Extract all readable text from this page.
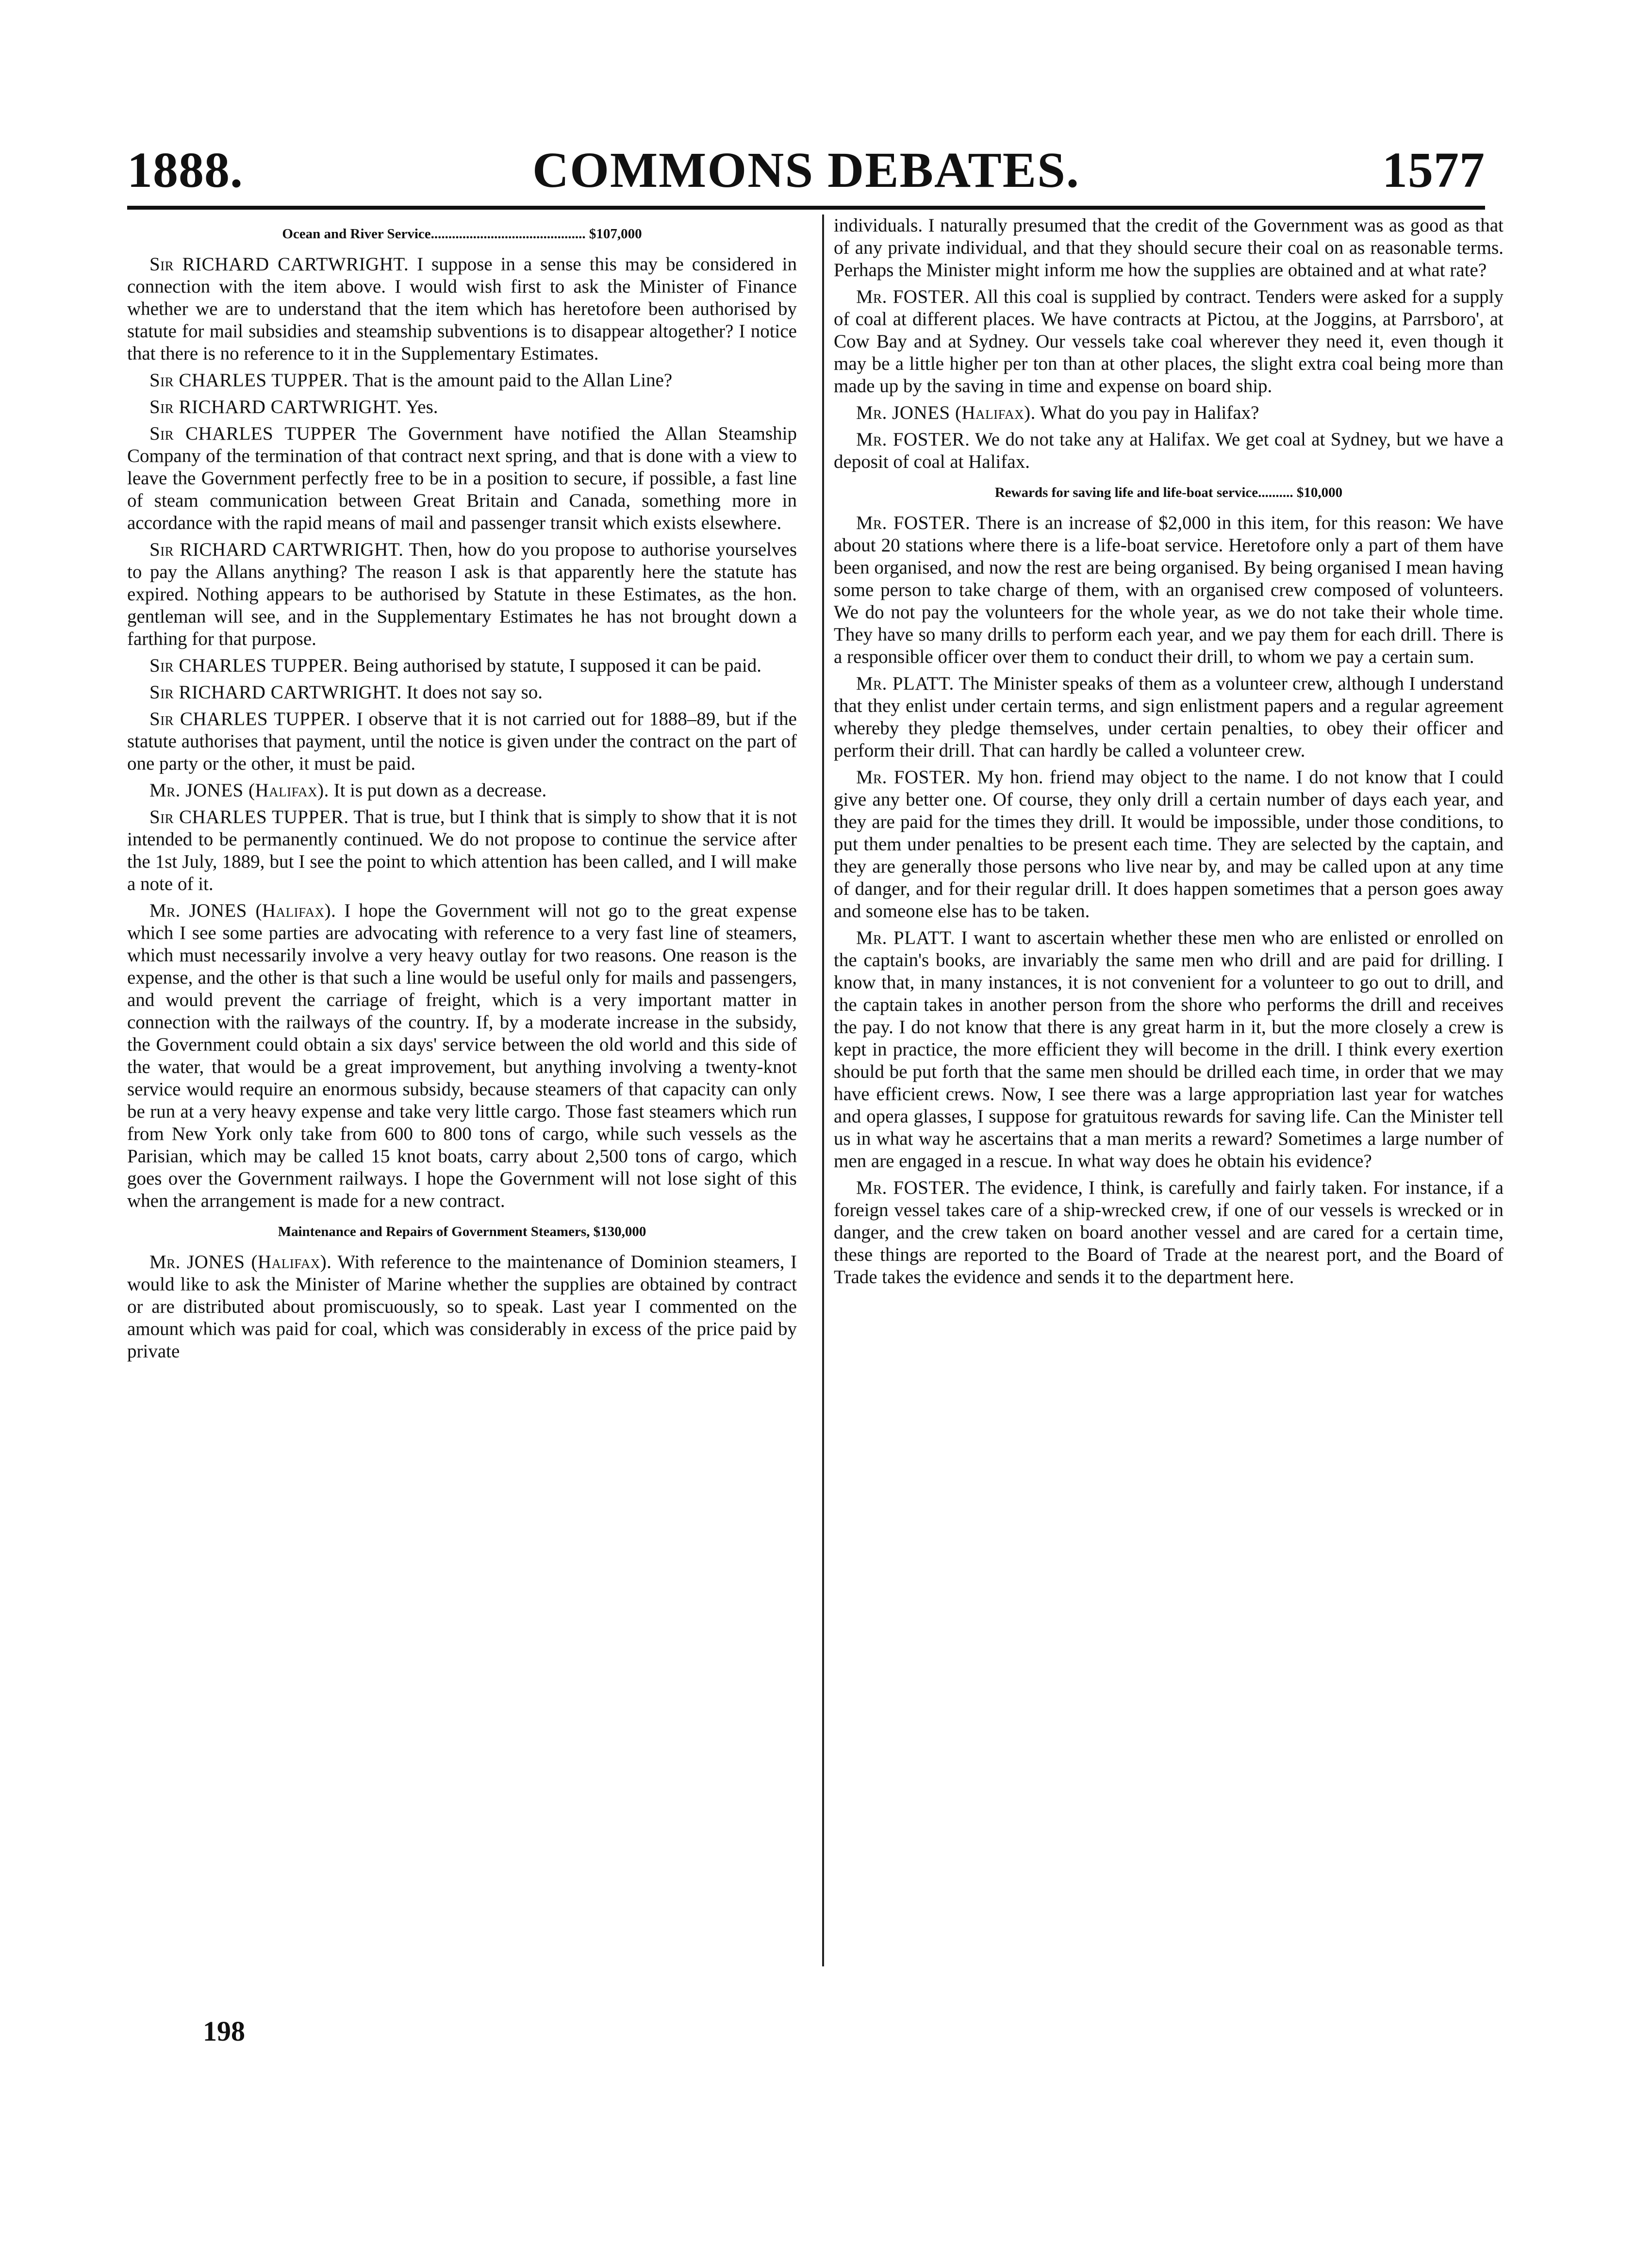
1888.	COMMONS DEBATES.	1577
Ocean and River Service............................................ $107,000
Sir RICHARD CARTWRIGHT. I suppose in a sense this may be considered in connection with the item above. I would wish first to ask the Minister of Finance whether we are to understand that the item which has heretofore been authorised by statute for mail subsidies and steamship subventions is to disappear altogether? I notice that there is no reference to it in the Supplementary Estimates.
Sir CHARLES TUPPER. That is the amount paid to the Allan Line?
Sir RICHARD CARTWRIGHT. Yes.
Sir CHARLES TUPPER The Government have notified the Allan Steamship Company of the termination of that contract next spring, and that is done with a view to leave the Government perfectly free to be in a position to secure, if possible, a fast line of steam communication between Great Britain and Canada, something more in accordance with the rapid means of mail and passenger transit which exists elsewhere.
Sir RICHARD CARTWRIGHT. Then, how do you propose to authorise yourselves to pay the Allans anything? The reason I ask is that apparently here the statute has expired. Nothing appears to be authorised by Statute in these Estimates, as the hon. gentleman will see, and in the Supplementary Estimates he has not brought down a farthing for that purpose.
Sir CHARLES TUPPER. Being authorised by statute, I supposed it can be paid.
Sir RICHARD CARTWRIGHT. It does not say so.
Sir CHARLES TUPPER. I observe that it is not carried out for 1888–89, but if the statute authorises that payment, until the notice is given under the contract on the part of one party or the other, it must be paid.
Mr. JONES (Halifax). It is put down as a decrease.
Sir CHARLES TUPPER. That is true, but I think that is simply to show that it is not intended to be permanently continued. We do not propose to continue the service after the 1st July, 1889, but I see the point to which attention has been called, and I will make a note of it.
Mr. JONES (Halifax). I hope the Government will not go to the great expense which I see some parties are advocating with reference to a very fast line of steamers, which must necessarily involve a very heavy outlay for two reasons. One reason is the expense, and the other is that such a line would be useful only for mails and passengers, and would prevent the carriage of freight, which is a very important matter in connection with the railways of the country. If, by a moderate increase in the subsidy, the Government could obtain a six days' service between the old world and this side of the water, that would be a great improvement, but anything involving a twenty-knot service would require an enormous subsidy, because steamers of that capacity can only be run at a very heavy expense and take very little cargo. Those fast steamers which run from New York only take from 600 to 800 tons of cargo, while such vessels as the Parisian, which may be called 15 knot boats, carry about 2,500 tons of cargo, which goes over the Government railways. I hope the Government will not lose sight of this when the arrangement is made for a new contract.
Maintenance and Repairs of Government Steamers, $130,000
Mr. JONES (Halifax). With reference to the maintenance of Dominion steamers, I would like to ask the Minister of Marine whether the supplies are obtained by contract or are distributed about promiscuously, so to speak. Last year I commented on the amount which was paid for coal, which was considerably in excess of the price paid by private
individuals. I naturally presumed that the credit of the Government was as good as that of any private individual, and that they should secure their coal on as reasonable terms. Perhaps the Minister might inform me how the supplies are obtained and at what rate?
Mr. FOSTER. All this coal is supplied by contract. Tenders were asked for a supply of coal at different places. We have contracts at Pictou, at the Joggins, at Parrsboro', at Cow Bay and at Sydney. Our vessels take coal wherever they need it, even though it may be a little higher per ton than at other places, the slight extra coal being more than made up by the saving in time and expense on board ship.
Mr. JONES (Halifax). What do you pay in Halifax?
Mr. FOSTER. We do not take any at Halifax. We get coal at Sydney, but we have a deposit of coal at Halifax.
Rewards for saving life and life-boat service.......... $10,000
Mr. FOSTER. There is an increase of $2,000 in this item, for this reason: We have about 20 stations where there is a life-boat service. Heretofore only a part of them have been organised, and now the rest are being organised. By being organised I mean having some person to take charge of them, with an organised crew composed of volunteers. We do not pay the volunteers for the whole year, as we do not take their whole time. They have so many drills to perform each year, and we pay them for each drill. There is a responsible officer over them to conduct their drill, to whom we pay a certain sum.
Mr. PLATT. The Minister speaks of them as a volunteer crew, although I understand that they enlist under certain terms, and sign enlistment papers and a regular agreement whereby they pledge themselves, under certain penalties, to obey their officer and perform their drill. That can hardly be called a volunteer crew.
Mr. FOSTER. My hon. friend may object to the name. I do not know that I could give any better one. Of course, they only drill a certain number of days each year, and they are paid for the times they drill. It would be impossible, under those conditions, to put them under penalties to be present each time. They are selected by the captain, and they are generally those persons who live near by, and may be called upon at any time of danger, and for their regular drill. It does happen sometimes that a person goes away and someone else has to be taken.
Mr. PLATT. I want to ascertain whether these men who are enlisted or enrolled on the captain's books, are invariably the same men who drill and are paid for drilling. I know that, in many instances, it is not convenient for a volunteer to go out to drill, and the captain takes in another person from the shore who performs the drill and receives the pay. I do not know that there is any great harm in it, but the more closely a crew is kept in practice, the more efficient they will become in the drill. I think every exertion should be put forth that the same men should be drilled each time, in order that we may have efficient crews. Now, I see there was a large appropriation last year for watches and opera glasses, I suppose for gratuitous rewards for saving life. Can the Minister tell us in what way he ascertains that a man merits a reward? Sometimes a large number of men are engaged in a rescue. In what way does he obtain his evidence?
Mr. FOSTER. The evidence, I think, is carefully and fairly taken. For instance, if a foreign vessel takes care of a ship-wrecked crew, if one of our vessels is wrecked or in danger, and the crew taken on board another vessel and are cared for a certain time, these things are reported to the Board of Trade at the nearest port, and the Board of Trade takes the evidence and sends it to the department here.
198
